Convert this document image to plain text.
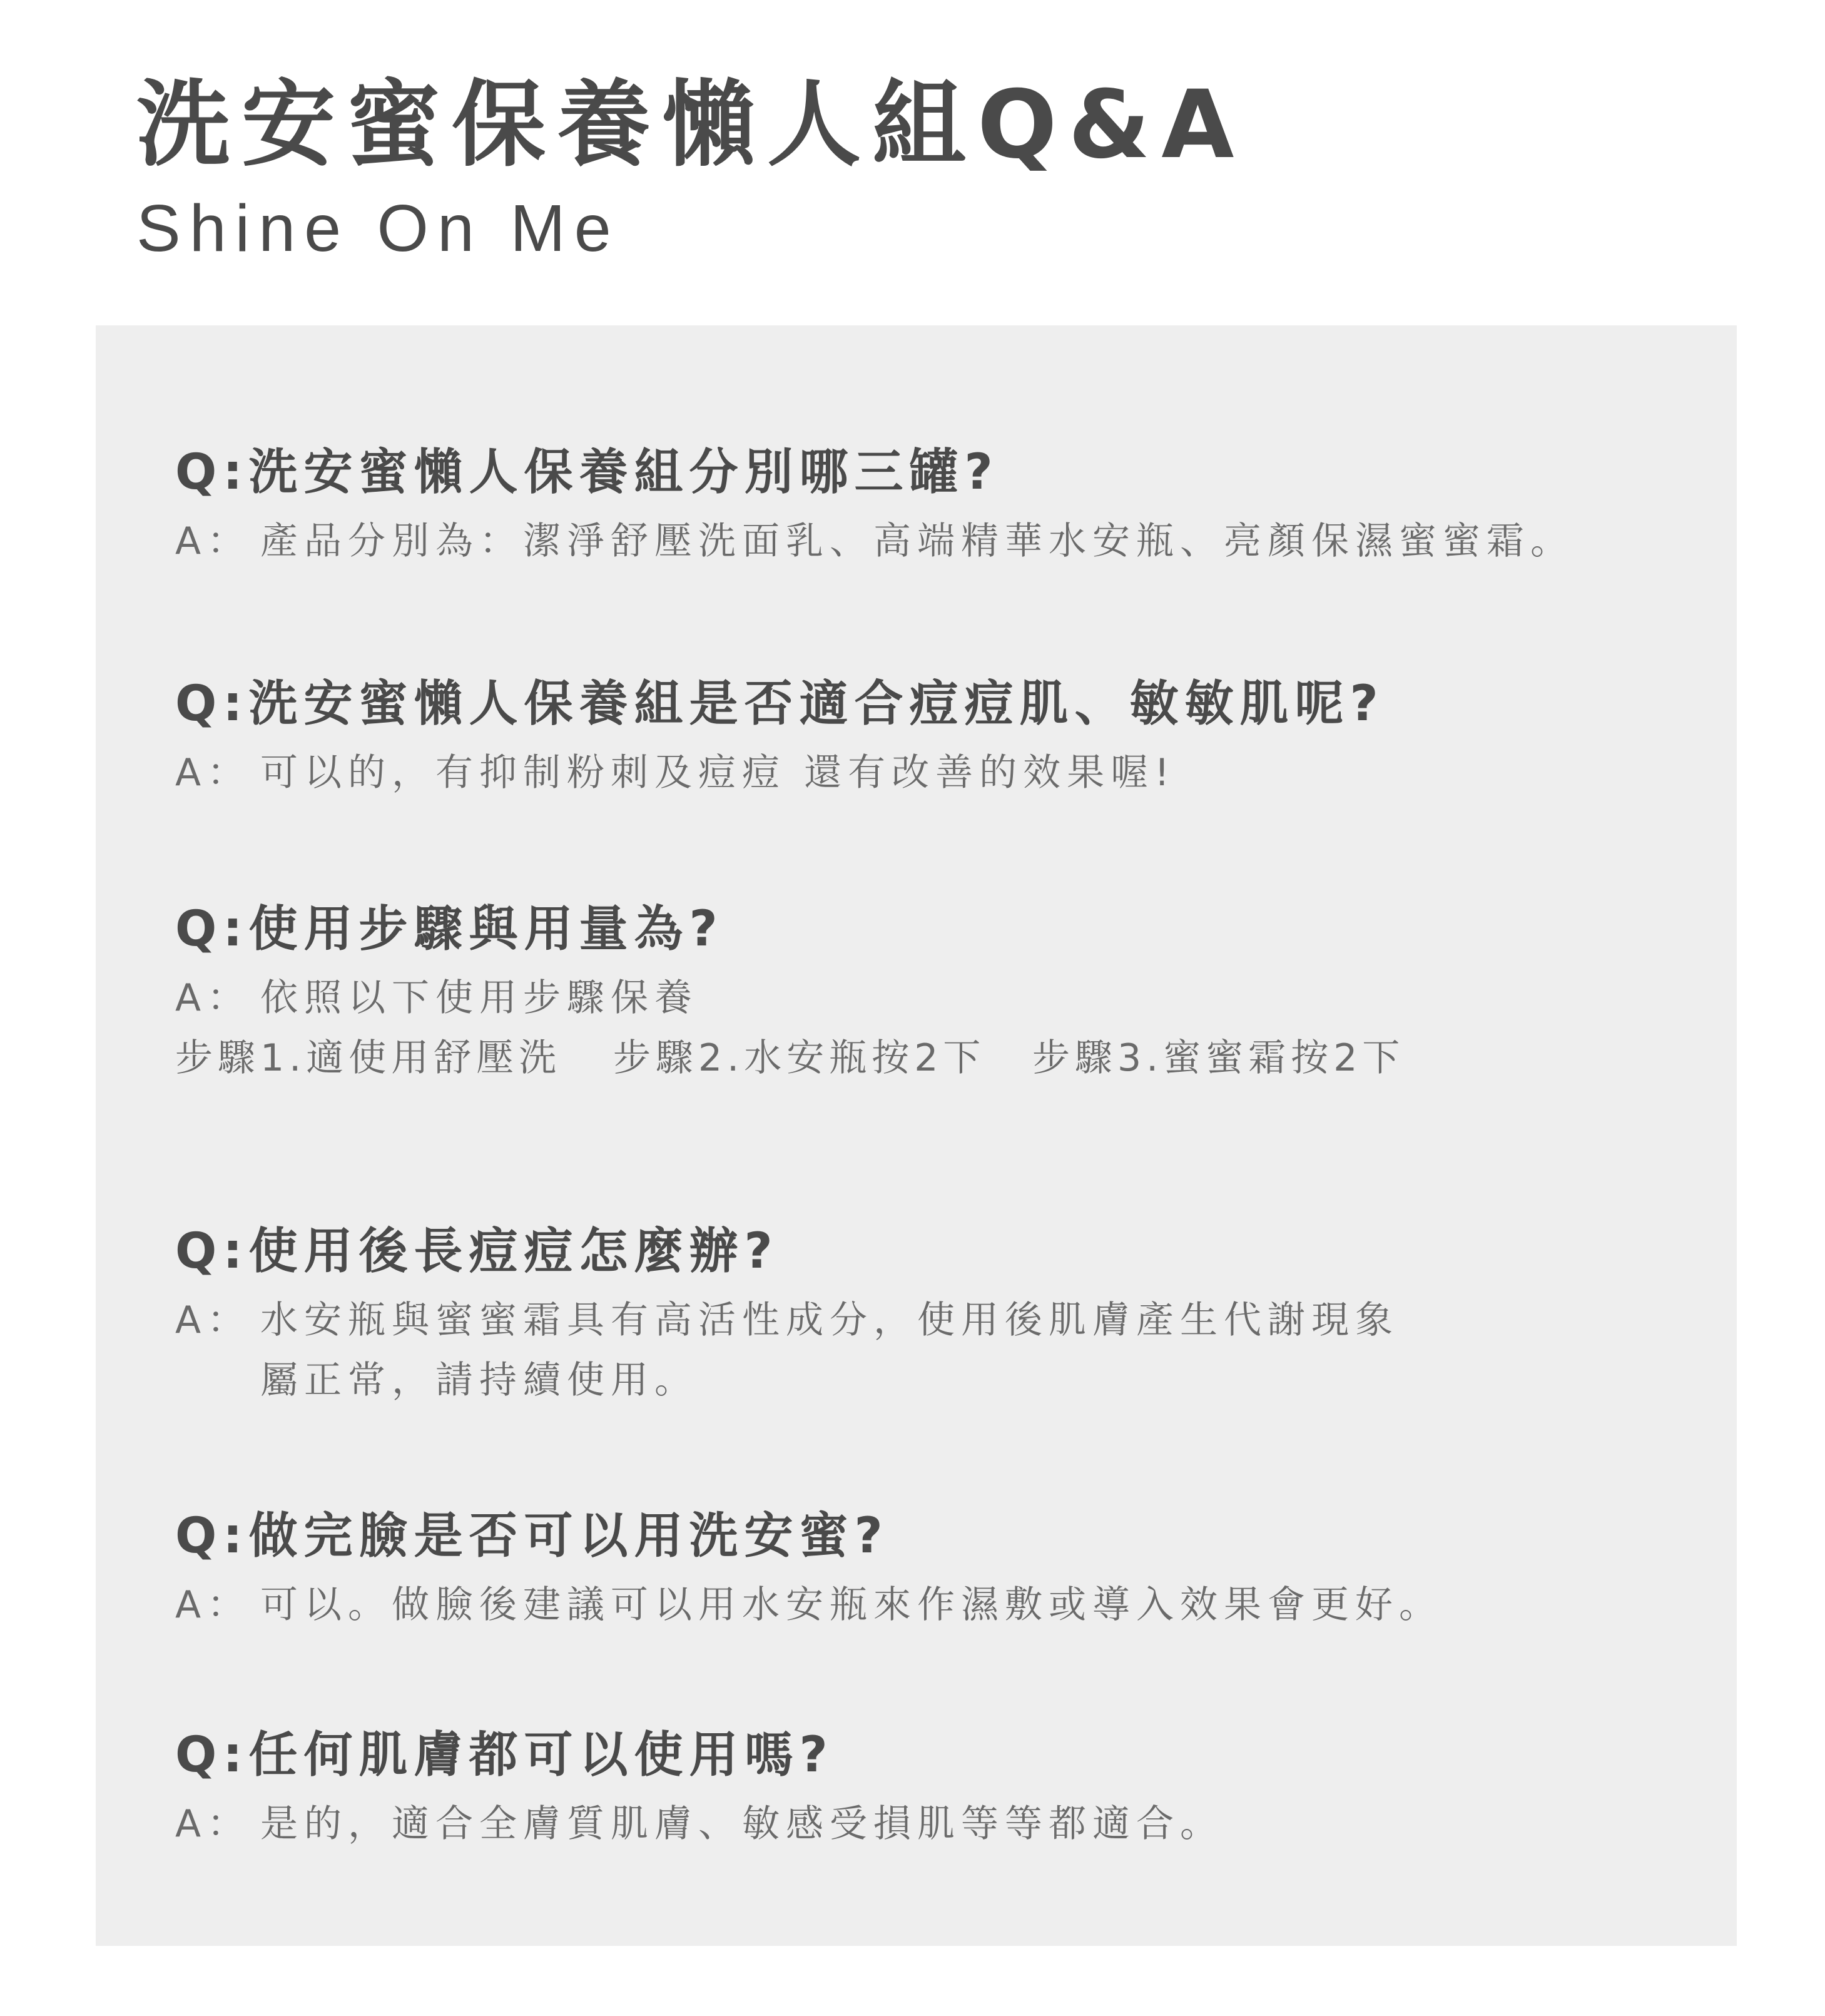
洗安蜜保養懶人組Q&A
Shine On Me
Q:洗安蜜懶人保養組分別哪三罐?
A： 產品分別為：潔淨舒壓洗面乳、高端精華水安瓶、亮顏保濕蜜蜜霜。
Q:洗安蜜懶人保養組是否適合痘痘肌、敏敏肌呢?
A： 可以的，有抑制粉刺及痘痘 還有改善的效果喔!
Q:使用步驟與用量為?
A： 依照以下使用步驟保養
步驟1.適使用舒壓洗 步驟2.水安瓶按2下 步驟3.蜜蜜霜按2下
Q:使用後長痘痘怎麼辦?
A： 水安瓶與蜜蜜霜具有高活性成分，使用後肌膚產生代謝現象
屬正常，請持續使用。
Q:做完臉是否可以用洗安蜜?
A： 可以。做臉後建議可以用水安瓶來作濕敷或導入效果會更好。
Q:任何肌膚都可以使用嗎?
A： 是的，適合全膚質肌膚、敏感受損肌等等都適合。
